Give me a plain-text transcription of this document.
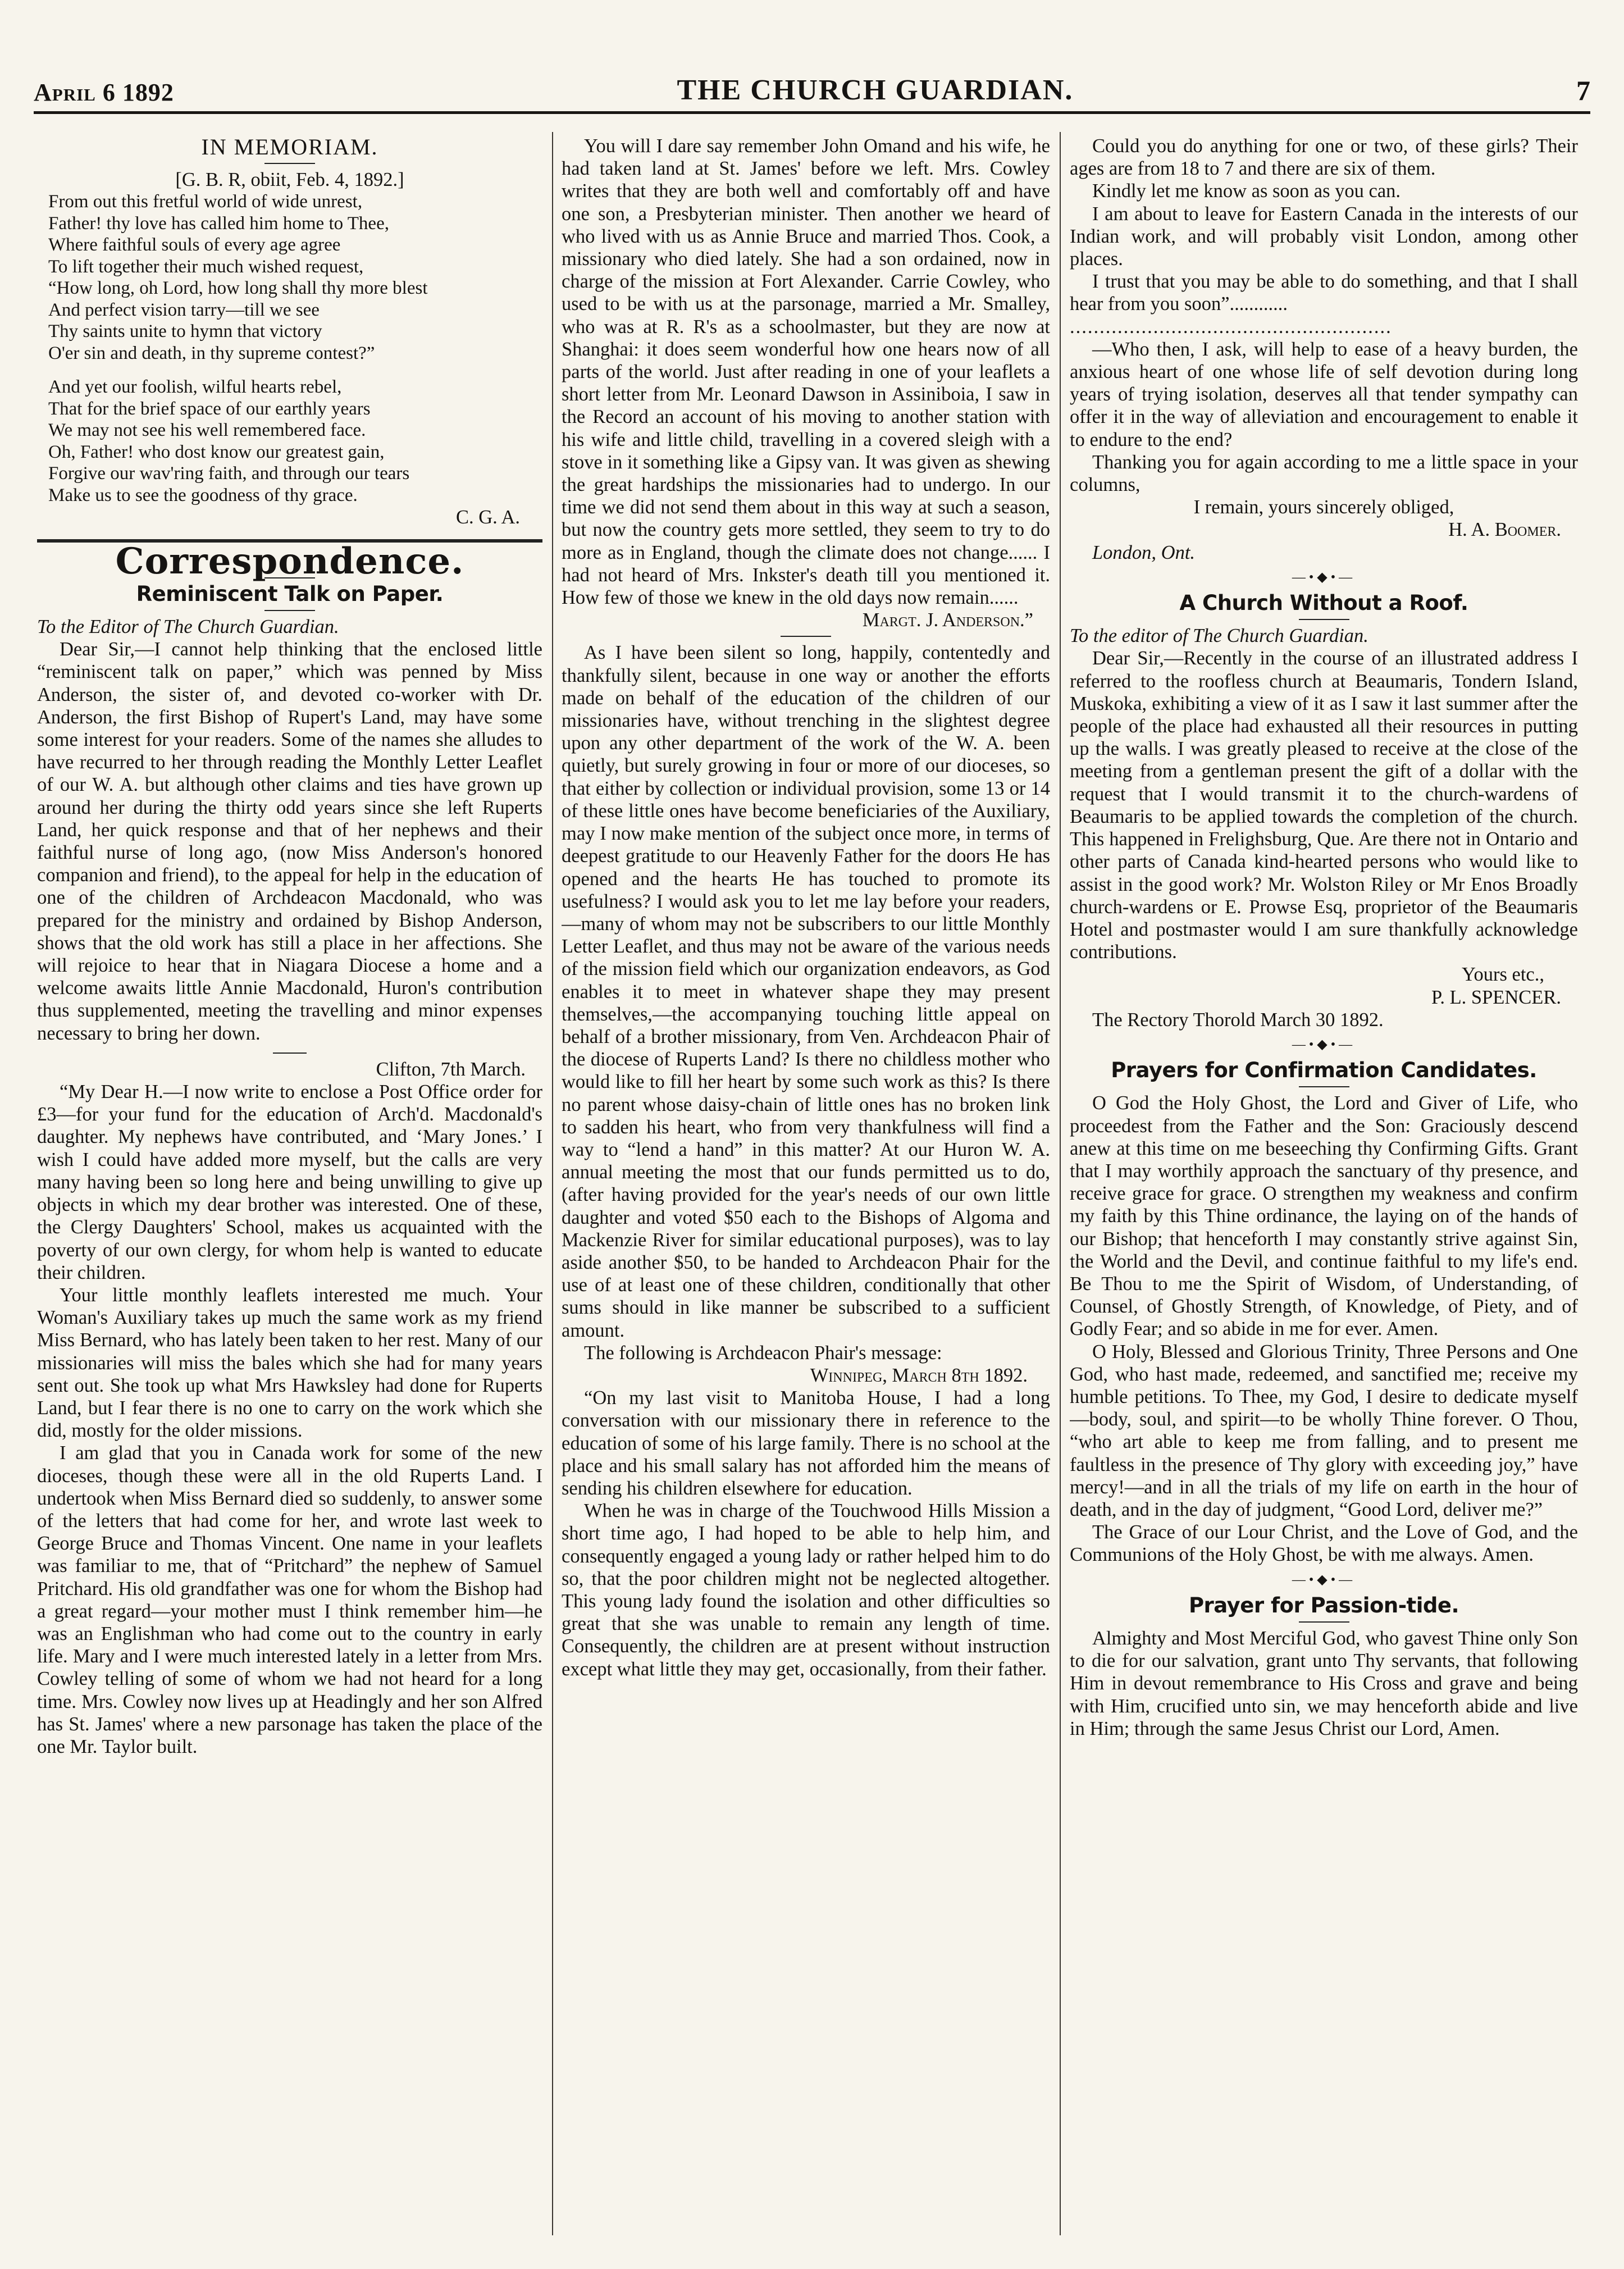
April 6 1892	THE CHURCH GUARDIAN.	7
IN MEMORIAM.

[G. B. R, obiit, Feb. 4, 1892.]

From out this fretful world of wide unrest,
Father! thy love has called him home to Thee,
Where faithful souls of every age agree
To lift together their much wished request,
“How long, oh Lord, how long shall thy more blest
And perfect vision tarry—till we see
Thy saints unite to hymn that victory
O'er sin and death, in thy supreme contest?”
And yet our foolish, wilful hearts rebel,
That for the brief space of our earthly years
We may not see his well remembered face.
Oh, Father! who dost know our greatest gain,
Forgive our wav'ring faith, and through our tears
Make us to see the goodness of thy grace.

C. G. A.

Correspondence.
Reminiscent Talk on Paper.

To the Editor of The Church Guardian.

Dear Sir,—I cannot help thinking that the enclosed little “reminiscent talk on paper,” which was penned by Miss Anderson, the sister of, and devoted co-worker with Dr. Anderson, the first Bishop of Rupert's Land, may have some some interest for your readers. Some of the names she alludes to have recurred to her through reading the Monthly Letter Leaflet of our W. A. but although other claims and ties have grown up around her during the thirty odd years since she left Ruperts Land, her quick response and that of her nephews and their faithful nurse of long ago, (now Miss Anderson's honored companion and friend), to the appeal for help in the education of one of the children of Archdeacon Macdonald, who was prepared for the ministry and ordained by Bishop Anderson, shows that the old work has still a place in her affections. She will rejoice to hear that in Niagara Diocese a home and a welcome awaits little Annie Macdonald, Huron's contribution thus supplemented, meeting the travelling and minor expenses necessary to bring her down.

Clifton, 7th March.

“My Dear H.—I now write to enclose a Post Office order for £3—for your fund for the education of Arch'd. Macdonald's daughter. My nephews have contributed, and ‘Mary Jones.’ I wish I could have added more myself, but the calls are very many having been so long here and being unwilling to give up objects in which my dear brother was interested. One of these, the Clergy Daughters' School, makes us acquainted with the poverty of our own clergy, for whom help is wanted to educate their children.

Your little monthly leaflets interested me much. Your Woman's Auxiliary takes up much the same work as my friend Miss Bernard, who has lately been taken to her rest. Many of our missionaries will miss the bales which she had for many years sent out. She took up what Mrs Hawksley had done for Ruperts Land, but I fear there is no one to carry on the work which she did, mostly for the older missions.

I am glad that you in Canada work for some of the new dioceses, though these were all in the old Ruperts Land. I undertook when Miss Bernard died so suddenly, to answer some of the letters that had come for her, and wrote last week to George Bruce and Thomas Vincent. One name in your leaflets was familiar to me, that of “Pritchard” the nephew of Samuel Pritchard. His old grandfather was one for whom the Bishop had a great regard—your mother must I think remember him—he was an Englishman who had come out to the country in early life. Mary and I were much interested lately in a letter from Mrs. Cowley telling of some of whom we had not heard for a long time. Mrs. Cowley now lives up at Headingly and her son Alfred has St. James' where a new parsonage has taken the place of the one Mr. Taylor built.

You will I dare say remember John Omand and his wife, he had taken land at St. James' before we left. Mrs. Cowley writes that they are both well and comfortably off and have one son, a Presbyterian minister. Then another we heard of who lived with us as Annie Bruce and married Thos. Cook, a missionary who died lately. She had a son ordained, now in charge of the mission at Fort Alexander. Carrie Cowley, who used to be with us at the parsonage, married a Mr. Smalley, who was at R. R's as a schoolmaster, but they are now at Shanghai: it does seem wonderful how one hears now of all parts of the world. Just after reading in one of your leaflets a short letter from Mr. Leonard Dawson in Assiniboia, I saw in the Record an account of his moving to another station with his wife and little child, travelling in a covered sleigh with a stove in it something like a Gipsy van. It was given as shewing the great hardships the missionaries had to undergo. In our time we did not send them about in this way at such a season, but now the country gets more settled, they seem to try to do more as in England, though the climate does not change...... I had not heard of Mrs. Inkster's death till you mentioned it. How few of those we knew in the old days now remain......

Margt. J. Anderson.”

As I have been silent so long, happily, contentedly and thankfully silent, because in one way or another the efforts made on behalf of the education of the children of our missionaries have, without trenching in the slightest degree upon any other department of the work of the W. A. been quietly, but surely growing in four or more of our dioceses, so that either by collection or individual provision, some 13 or 14 of these little ones have become beneficiaries of the Auxiliary, may I now make mention of the subject once more, in terms of deepest gratitude to our Heavenly Father for the doors He has opened and the hearts He has touched to promote its usefulness? I would ask you to let me lay before your readers,—many of whom may not be subscribers to our little Monthly Letter Leaflet, and thus may not be aware of the various needs of the mission field which our organization endeavors, as God enables it to meet in whatever shape they may present themselves,—the accompanying touching little appeal on behalf of a brother missionary, from Ven. Archdeacon Phair of the diocese of Ruperts Land? Is there no childless mother who would like to fill her heart by some such work as this? Is there no parent whose daisy-chain of little ones has no broken link to sadden his heart, who from very thankfulness will find a way to “lend a hand” in this matter? At our Huron W. A. annual meeting the most that our funds permitted us to do, (after having provided for the year's needs of our own little daughter and voted $50 each to the Bishops of Algoma and Mackenzie River for similar educational purposes), was to lay aside another $50, to be handed to Archdeacon Phair for the use of at least one of these children, conditionally that other sums should in like manner be subscribed to a sufficient amount.

The following is Archdeacon Phair's message:

Winnipeg, March 8th 1892.

“On my last visit to Manitoba House, I had a long conversation with our missionary there in reference to the education of some of his large family. There is no school at the place and his small salary has not afforded him the means of sending his children elsewhere for education.

When he was in charge of the Touchwood Hills Mission a short time ago, I had hoped to be able to help him, and consequently engaged a young lady or rather helped him to do so, that the poor children might not be neglected altogether. This young lady found the isolation and other difficulties so great that she was unable to remain any length of time. Consequently, the children are at present without instruction except what little they may get, occasionally, from their father.

Could you do anything for one or two, of these girls? Their ages are from 18 to 7 and there are six of them.

Kindly let me know as soon as you can.

I am about to leave for Eastern Canada in the interests of our Indian work, and will probably visit London, among other places.

I trust that you may be able to do something, and that I shall hear from you soon”............

......................................................

—Who then, I ask, will help to ease of a heavy burden, the anxious heart of one whose life of self devotion during long years of trying isolation, deserves all that tender sympathy can offer it in the way of alleviation and encouragement to enable it to endure to the end?

Thanking you for again according to me a little space in your columns,

I remain, yours sincerely obliged,

H. A. Boomer.

London, Ont.

—•◆•—
A Church Without a Roof.

To the editor of The Church Guardian.

Dear Sir,—Recently in the course of an illustrated address I referred to the roofless church at Beaumaris, Tondern Island, Muskoka, exhibiting a view of it as I saw it last summer after the people of the place had exhausted all their resources in putting up the walls. I was greatly pleased to receive at the close of the meeting from a gentleman present the gift of a dollar with the request that I would transmit it to the church-wardens of Beaumaris to be applied towards the completion of the church. This happened in Frelighsburg, Que. Are there not in Ontario and other parts of Canada kind-hearted persons who would like to assist in the good work? Mr. Wolston Riley or Mr Enos Broadly church-wardens or E. Prowse Esq, proprietor of the Beaumaris Hotel and postmaster would I am sure thankfully acknowledge contributions.

Yours etc.,

P. L. SPENCER.

The Rectory Thorold March 30 1892.

—•◆•—
Prayers for Confirmation Candidates.

O God the Holy Ghost, the Lord and Giver of Life, who proceedest from the Father and the Son: Graciously descend anew at this time on me beseeching thy Confirming Gifts. Grant that I may worthily approach the sanctuary of thy presence, and receive grace for grace. O strengthen my weakness and confirm my faith by this Thine ordinance, the laying on of the hands of our Bishop; that henceforth I may constantly strive against Sin, the World and the Devil, and continue faithful to my life's end. Be Thou to me the Spirit of Wisdom, of Understanding, of Counsel, of Ghostly Strength, of Knowledge, of Piety, and of Godly Fear; and so abide in me for ever. Amen.

O Holy, Blessed and Glorious Trinity, Three Persons and One God, who hast made, redeemed, and sanctified me; receive my humble petitions. To Thee, my God, I desire to dedicate myself—body, soul, and spirit—to be wholly Thine forever. O Thou, “who art able to keep me from falling, and to present me faultless in the presence of Thy glory with exceeding joy,” have mercy!—and in all the trials of my life on earth in the hour of death, and in the day of judgment, “Good Lord, deliver me?”

The Grace of our Lour Christ, and the Love of God, and the Communions of the Holy Ghost, be with me always. Amen.

—•◆•—
Prayer for Passion-tide.

Almighty and Most Merciful God, who gavest Thine only Son to die for our salvation, grant unto Thy servants, that following Him in devout remembrance to His Cross and grave and being with Him, crucified unto sin, we may henceforth abide and live in Him; through the same Jesus Christ our Lord, Amen.
